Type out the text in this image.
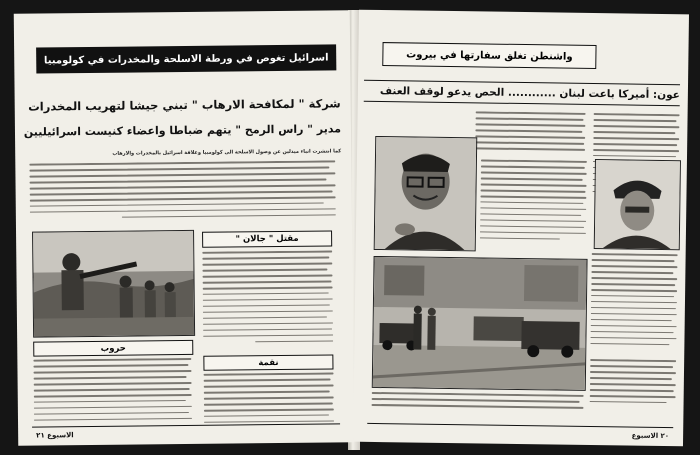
اسرائيل تغوص في ورطة الاسلحة والمخدرات في كولومبيا
شركة " لمكافحة الارهاب " تبني جيشا لتهريب المخدرات
مدير " راس الرمح " يتهم ضباطا واعضاء كنيست اسرائيليين
كما انتشرت انباء ميدلين عن وصول الاسلحة الى كولومبيا وعلاقة اسرائيل بالمخدرات والارهاب
مقتل " جالان "
حروب
نقمة
الاسبوع ٢١
واشنطن تغلق سفارتها في بيروت
عون: أميركا باعت لبنان ............ الحص يدعو لوقف العنف
٢٠ الاسبوع
